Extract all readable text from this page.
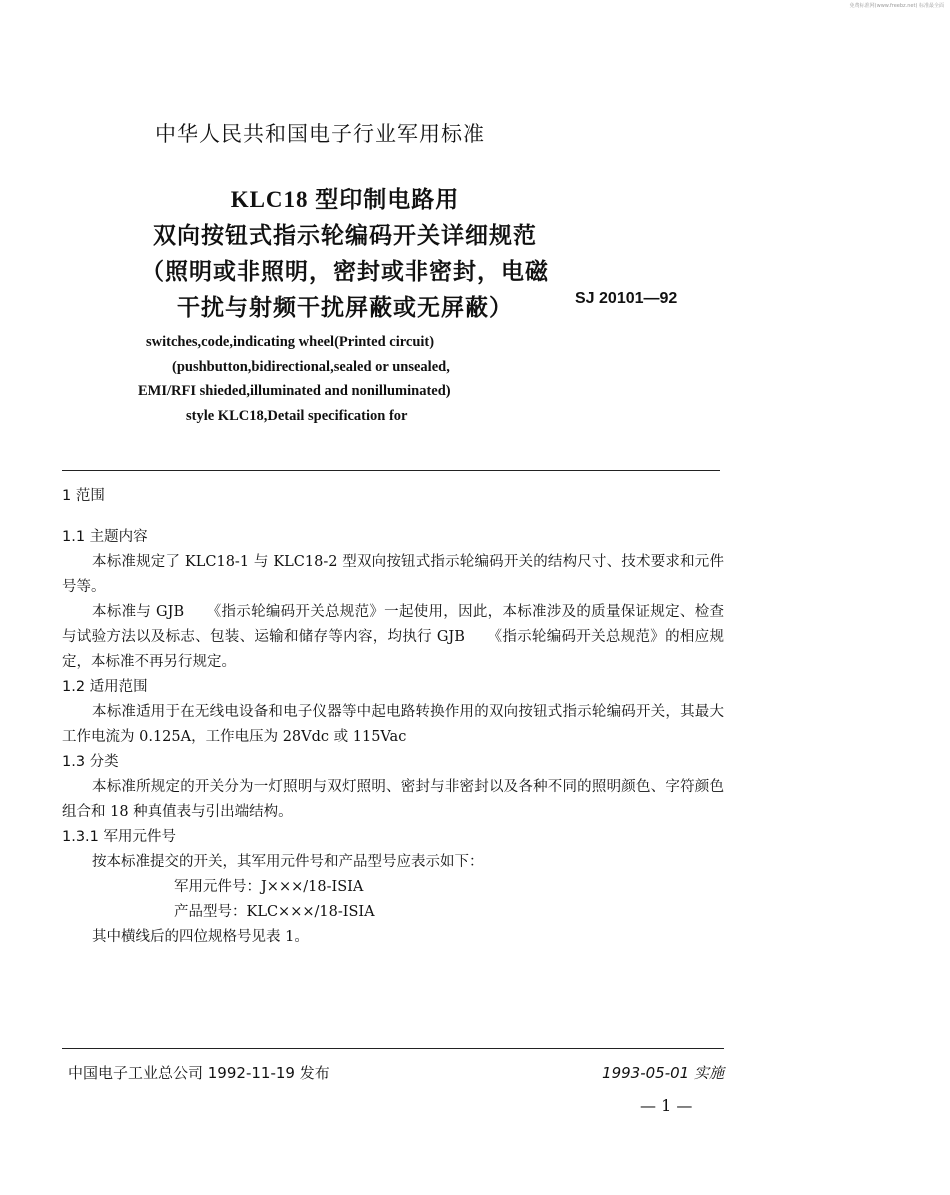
免费标准网(www.freebz.net) 标准最全面
中华人民共和国电子行业军用标准
KLC18 型印制电路用
双向按钮式指示轮编码开关详细规范
（照明或非照明，密封或非密封，电磁
干扰与射频干扰屏蔽或无屏蔽）	SJ 20101—92
switches,code,indicating wheel(Printed circuit)
(pushbutton,bidirectional,sealed or unsealed,
EMI/RFI shieded,illuminated and nonilluminated)
style KLC18,Detail specification for
1 范围
1.1 主题内容
本标准规定了 KLC18-1 与 KLC18-2 型双向按钮式指示轮编码开关的结构尺寸、技术要求和元件号等。
本标准与 GJB　　《指示轮编码开关总规范》一起使用，因此，本标准涉及的质量保证规定、检查与试验方法以及标志、包装、运输和储存等内容，均执行 GJB　　《指示轮编码开关总规范》的相应规定，本标准不再另行规定。
1.2 适用范围
本标准适用于在无线电设备和电子仪器等中起电路转换作用的双向按钮式指示轮编码开关，其最大工作电流为 0.125A，工作电压为 28Vdc 或 115Vac
1.3 分类
本标准所规定的开关分为一灯照明与双灯照明、密封与非密封以及各种不同的照明颜色、字符颜色组合和 18 种真值表与引出端结构。
1.3.1 军用元件号
按本标准提交的开关，其军用元件号和产品型号应表示如下：
军用元件号：J×××/18-ISIA
产品型号：KLC×××/18-ISIA
其中横线后的四位规格号见表 1。
中国电子工业总公司 1992-11-19 发布	1993-05-01 实施
— 1 —
